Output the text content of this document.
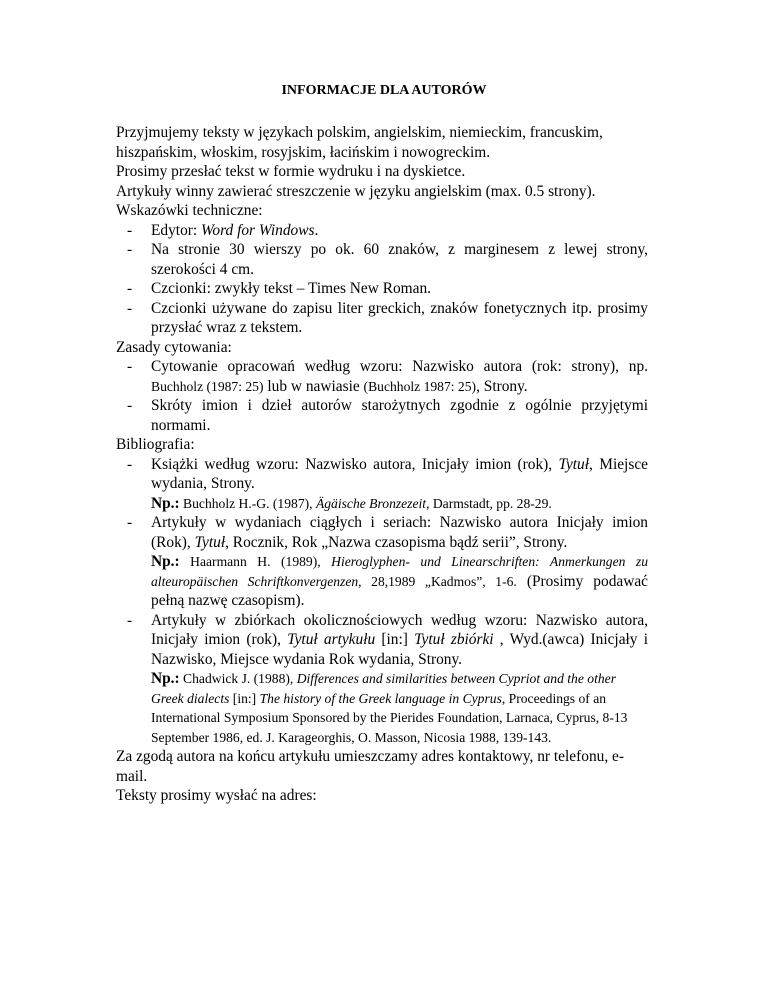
INFORMACJE DLA AUTORÓW

Przyjmujemy teksty w językach polskim, angielskim, niemieckim, francuskim, hiszpańskim, włoskim, rosyjskim, łacińskim i nowogreckim.

Prosimy przesłać tekst w formie wydruku i na dyskietce.

Artykuły winny zawierać streszczenie w języku angielskim (max. 0.5 strony).

Wskazówki techniczne:

- Edytor: Word for Windows.
- Na stronie 30 wierszy po ok. 60 znaków, z marginesem z lewej strony, szerokości 4 cm.
- Czcionki: zwykły tekst – Times New Roman.
- Czcionki używane do zapisu liter greckich, znaków fonetycznych itp. prosimy przysłać wraz z tekstem.

Zasady cytowania:

- Cytowanie opracowań według wzoru: Nazwisko autora (rok: strony), np. Buchholz (1987: 25) lub w nawiasie (Buchholz 1987: 25), Strony.
- Skróty imion i dzieł autorów starożytnych zgodnie z ogólnie przyjętymi normami.

Bibliografia:

- Książki według wzoru: Nazwisko autora, Inicjały imion (rok), Tytuł, Miejsce wydania, Strony.
Np.: Buchholz H.-G. (1987), Ägäische Bronzezeit, Darmstadt, pp. 28-29.
- Artykuły w wydaniach ciągłych i seriach: Nazwisko autora Inicjały imion (Rok), Tytuł, Rocznik, Rok „Nazwa czasopisma bądź serii”, Strony.
Np.: Haarmann H. (1989), Hieroglyphen- und Linearschriften: Anmerkungen zu alteuropäischen Schriftkonvergenzen, 28,1989 „Kadmos”, 1-6. (Prosimy podawać pełną nazwę czasopism).
- Artykuły w zbiórkach okolicznościowych według wzoru: Nazwisko autora, Inicjały imion (rok), Tytuł artykułu [in:] Tytuł zbiórki , Wyd.(awca) Inicjały i Nazwisko, Miejsce wydania Rok wydania, Strony.
Np.: Chadwick J. (1988), Differences and similarities between Cypriot and the other Greek dialects [in:] The history of the Greek language in Cyprus, Proceedings of an International Symposium Sponsored by the Pierides Foundation, Larnaca, Cyprus, 8-13 September 1986, ed. J. Karageorghis, O. Masson, Nicosia 1988, 139-143.

Za zgodą autora na końcu artykułu umieszczamy adres kontaktowy, nr telefonu, e-mail.

Teksty prosimy wysłać na adres:
